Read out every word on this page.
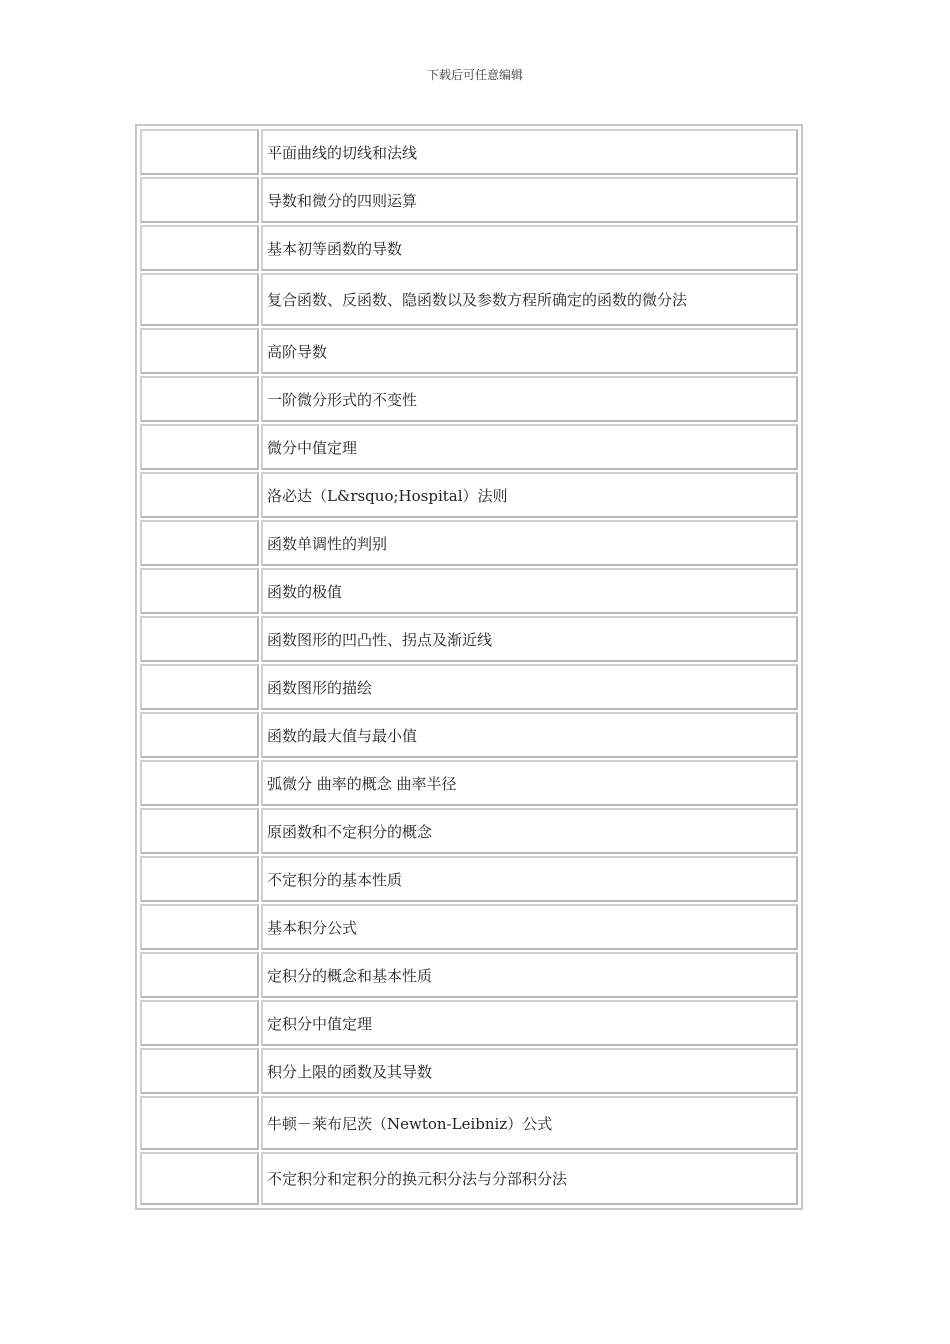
下载后可任意编辑
平面曲线的切线和法线
导数和微分的四则运算
基本初等函数的导数
复合函数、反函数、隐函数以及参数方程所确定的函数的微分法
高阶导数
一阶微分形式的不变性
微分中值定理
洛必达（L&rsquo;Hospital）法则
函数单调性的判别
函数的极值
函数图形的凹凸性、拐点及渐近线
函数图形的描绘
函数的最大值与最小值
弧微分 曲率的概念 曲率半径
原函数和不定积分的概念
不定积分的基本性质
基本积分公式
定积分的概念和基本性质
定积分中值定理
积分上限的函数及其导数
牛顿－莱布尼茨（Newton-Leibniz）公式
不定积分和定积分的换元积分法与分部积分法
